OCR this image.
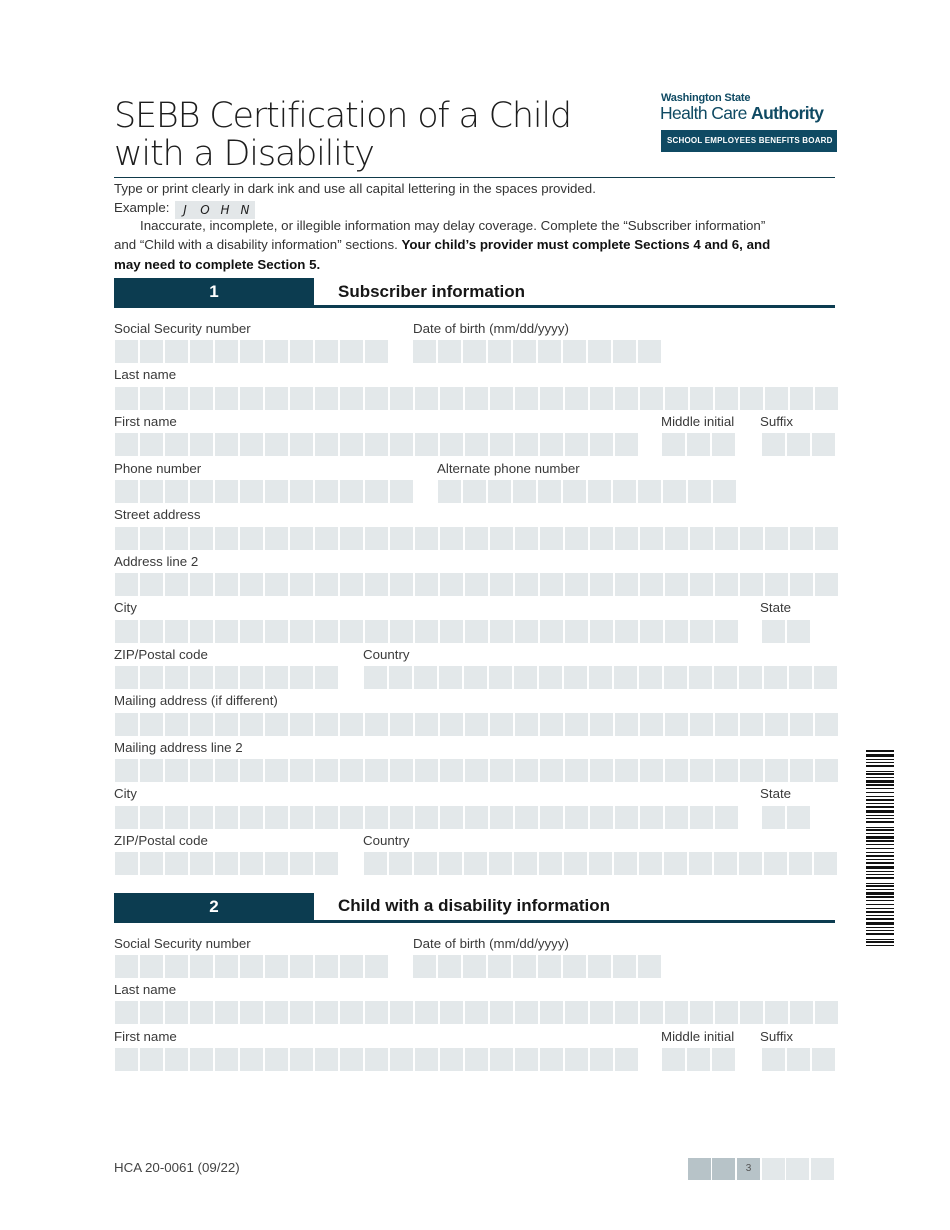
SEBB Certification of a Child
with a Disability
Washington State
Health Care Authority
SCHOOL EMPLOYEES BENEFITS BOARD
Type or print clearly in dark ink and use all capital lettering in the spaces provided.
Example:	J	O H N
Inaccurate, incomplete, or illegible information may delay coverage. Complete the “Subscriber information”
and “Child with a disability information” sections. Your child’s provider must complete Sections 4 and 6, and
may need to complete Section 5.
1	Subscriber information
Social Security number	Date of birth (mm/dd/yyyy)
Last name
First name	Middle initial Suffix
Phone number	Alternate phone number
Street address
Address line 2
City	State
ZIP/Postal code	Country
Mailing address (if different)
Mailing address line 2
City	State
ZIP/Postal code	Country
2	Child with a disability information
Social Security number	Date of birth (mm/dd/yyyy)
Last name
First name	Middle initial Suffix
HCA 20-0061 (09/22)	3
